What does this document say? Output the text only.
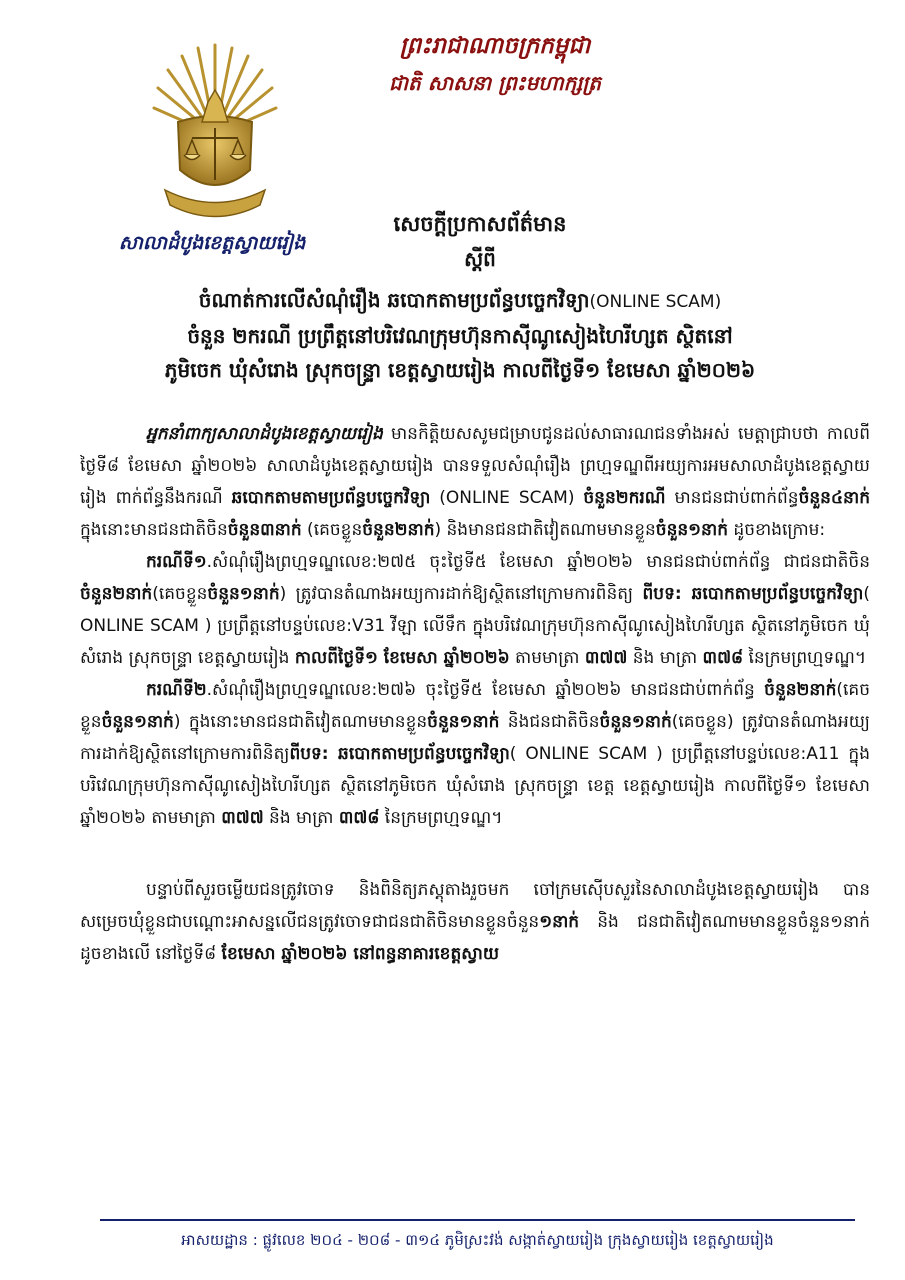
ព្រះរាជាណាចក្រកម្ពុជា
ជាតិ សាសនា ព្រះមហាក្សត្រ
សាលាដំបូងខេត្តស្វាយរៀង
សេចក្តីប្រកាសព័ត៌មាន
ស្តីពី
ចំណាត់ការលើសំណុំរឿង ឆបោកតាមប្រព័ន្ធបច្ចេកវិទ្យា(ONLINE SCAM)
ចំនួន ២ករណី ប្រព្រឹត្តនៅបរិវេណក្រុមហ៊ុនកាស៊ីណូសៀងហៃរីហ្សត ស្ថិតនៅ
ភូមិចេក ឃុំសំរោង ស្រុកចន្ទ្រា ខេត្តស្វាយរៀង កាលពីថ្ងៃទី១ ខែមេសា ឆ្នាំ២០២៦

អ្នកនាំពាក្យសាលាដំបូងខេត្តស្វាយរៀង មានកិត្តិយសសូមជម្រាបជូនដល់សាធារណជនទាំងអស់ មេត្តាជ្រាបថា កាលពីថ្ងៃទី៨ ខែមេសា ឆ្នាំ២០២៦ សាលាដំបូងខេត្តស្វាយរៀង បានទទួលសំណុំរឿង ព្រហ្មទណ្ឌពីអយ្យការអមសាលាដំបូងខេត្តស្វាយរៀង ពាក់ព័ន្ធនឹងករណី ឆបោកតាមតាមប្រព័ន្ធបច្ចេកវិទ្យា (ONLINE SCAM) ចំនួន២ករណី មានជនជាប់ពាក់ព័ន្ធចំនួន៤នាក់ ក្នុងនោះមានជនជាតិចិនចំនួន៣នាក់ (គេចខ្លួនចំនួន២នាក់) និងមានជនជាតិវៀតណាមមានខ្លួនចំនួន១នាក់ ដូចខាងក្រោម:

ករណីទី១.សំណុំរឿងព្រហ្មទណ្ឌលេខ:២៧៥ ចុះថ្ងៃទី៥ ខែមេសា ឆ្នាំ២០២៦ មានជនជាប់ពាក់ព័ន្ធ ជាជនជាតិចិនចំនួន២នាក់(គេចខ្លួនចំនួន១នាក់) ត្រូវបានតំណាងអយ្យការដាក់ឱ្យស្ថិតនៅក្រោមការពិនិត្យ ពីបទ: ឆបោកតាមប្រព័ន្ធបច្ចេកវិទ្យា( ONLINE SCAM ) ប្រព្រឹត្តនៅបន្ទប់លេខ:V31 វីឡា លើទឹក ក្នុងបរិវេណក្រុមហ៊ុនកាស៊ីណូសៀងហៃរីហ្សត ស្ថិតនៅភូមិចេក ឃុំសំរោង ស្រុកចន្ទ្រា ខេត្តស្វាយរៀង កាលពីថ្ងៃទី១ ខែមេសា ឆ្នាំ២០២៦ តាមមាត្រា ៣៧៧ និង មាត្រា ៣៧៨ នៃក្រមព្រហ្មទណ្ឌ។

ករណីទី២.សំណុំរឿងព្រហ្មទណ្ឌលេខ:២៧៦ ចុះថ្ងៃទី៥ ខែមេសា ឆ្នាំ២០២៦ មានជនជាប់ពាក់ព័ន្ធ ចំនួន២នាក់(គេចខ្លួនចំនួន១នាក់) ក្នុងនោះមានជនជាតិវៀតណាមមានខ្លួនចំនួន១នាក់ និងជនជាតិចិនចំនួន១នាក់(គេចខ្លួន) ត្រូវបានតំណាងអយ្យការដាក់ឱ្យស្ថិតនៅក្រោមការពិនិត្យពីបទ: ឆបោកតាមប្រព័ន្ធបច្ចេកវិទ្យា( ONLINE SCAM ) ប្រព្រឹត្តនៅបន្ទប់លេខ:A11 ក្នុងបរិវេណក្រុមហ៊ុនកាស៊ីណូសៀងហៃរីហ្សត ស្ថិតនៅភូមិចេក ឃុំសំរោង ស្រុកចន្ទ្រា ខេត្ត ខេត្តស្វាយរៀង កាលពីថ្ងៃទី១ ខែមេសា ឆ្នាំ២០២៦ តាមមាត្រា ៣៧៧ និង មាត្រា ៣៧៨ នៃក្រមព្រហ្មទណ្ឌ។

បន្ទាប់ពីសួរចម្លើយជនត្រូវចោទ និងពិនិត្យភស្តុតាងរួចមក ចៅក្រមស៊ើបសួរនៃសាលាដំបូងខេត្តស្វាយរៀង បានសម្រេចឃុំខ្លួនជាបណ្តោះអាសន្នលើជនត្រូវចោទជាជនជាតិចិនមានខ្លួនចំនួន១នាក់ និង ជនជាតិវៀតណាមមានខ្លួនចំនួន១នាក់ ដូចខាងលើ នៅថ្ងៃទី៨ ខែមេសា ឆ្នាំ២០២៦ នៅពន្ធនាគារខេត្តស្វាយ

អាសយដ្ឋាន : ផ្លូវលេខ ២០៤ - ២០៨ - ៣១៤ ភូមិស្រះវង់ សង្កាត់ស្វាយរៀង ក្រុងស្វាយរៀង ខេត្តស្វាយរៀង
